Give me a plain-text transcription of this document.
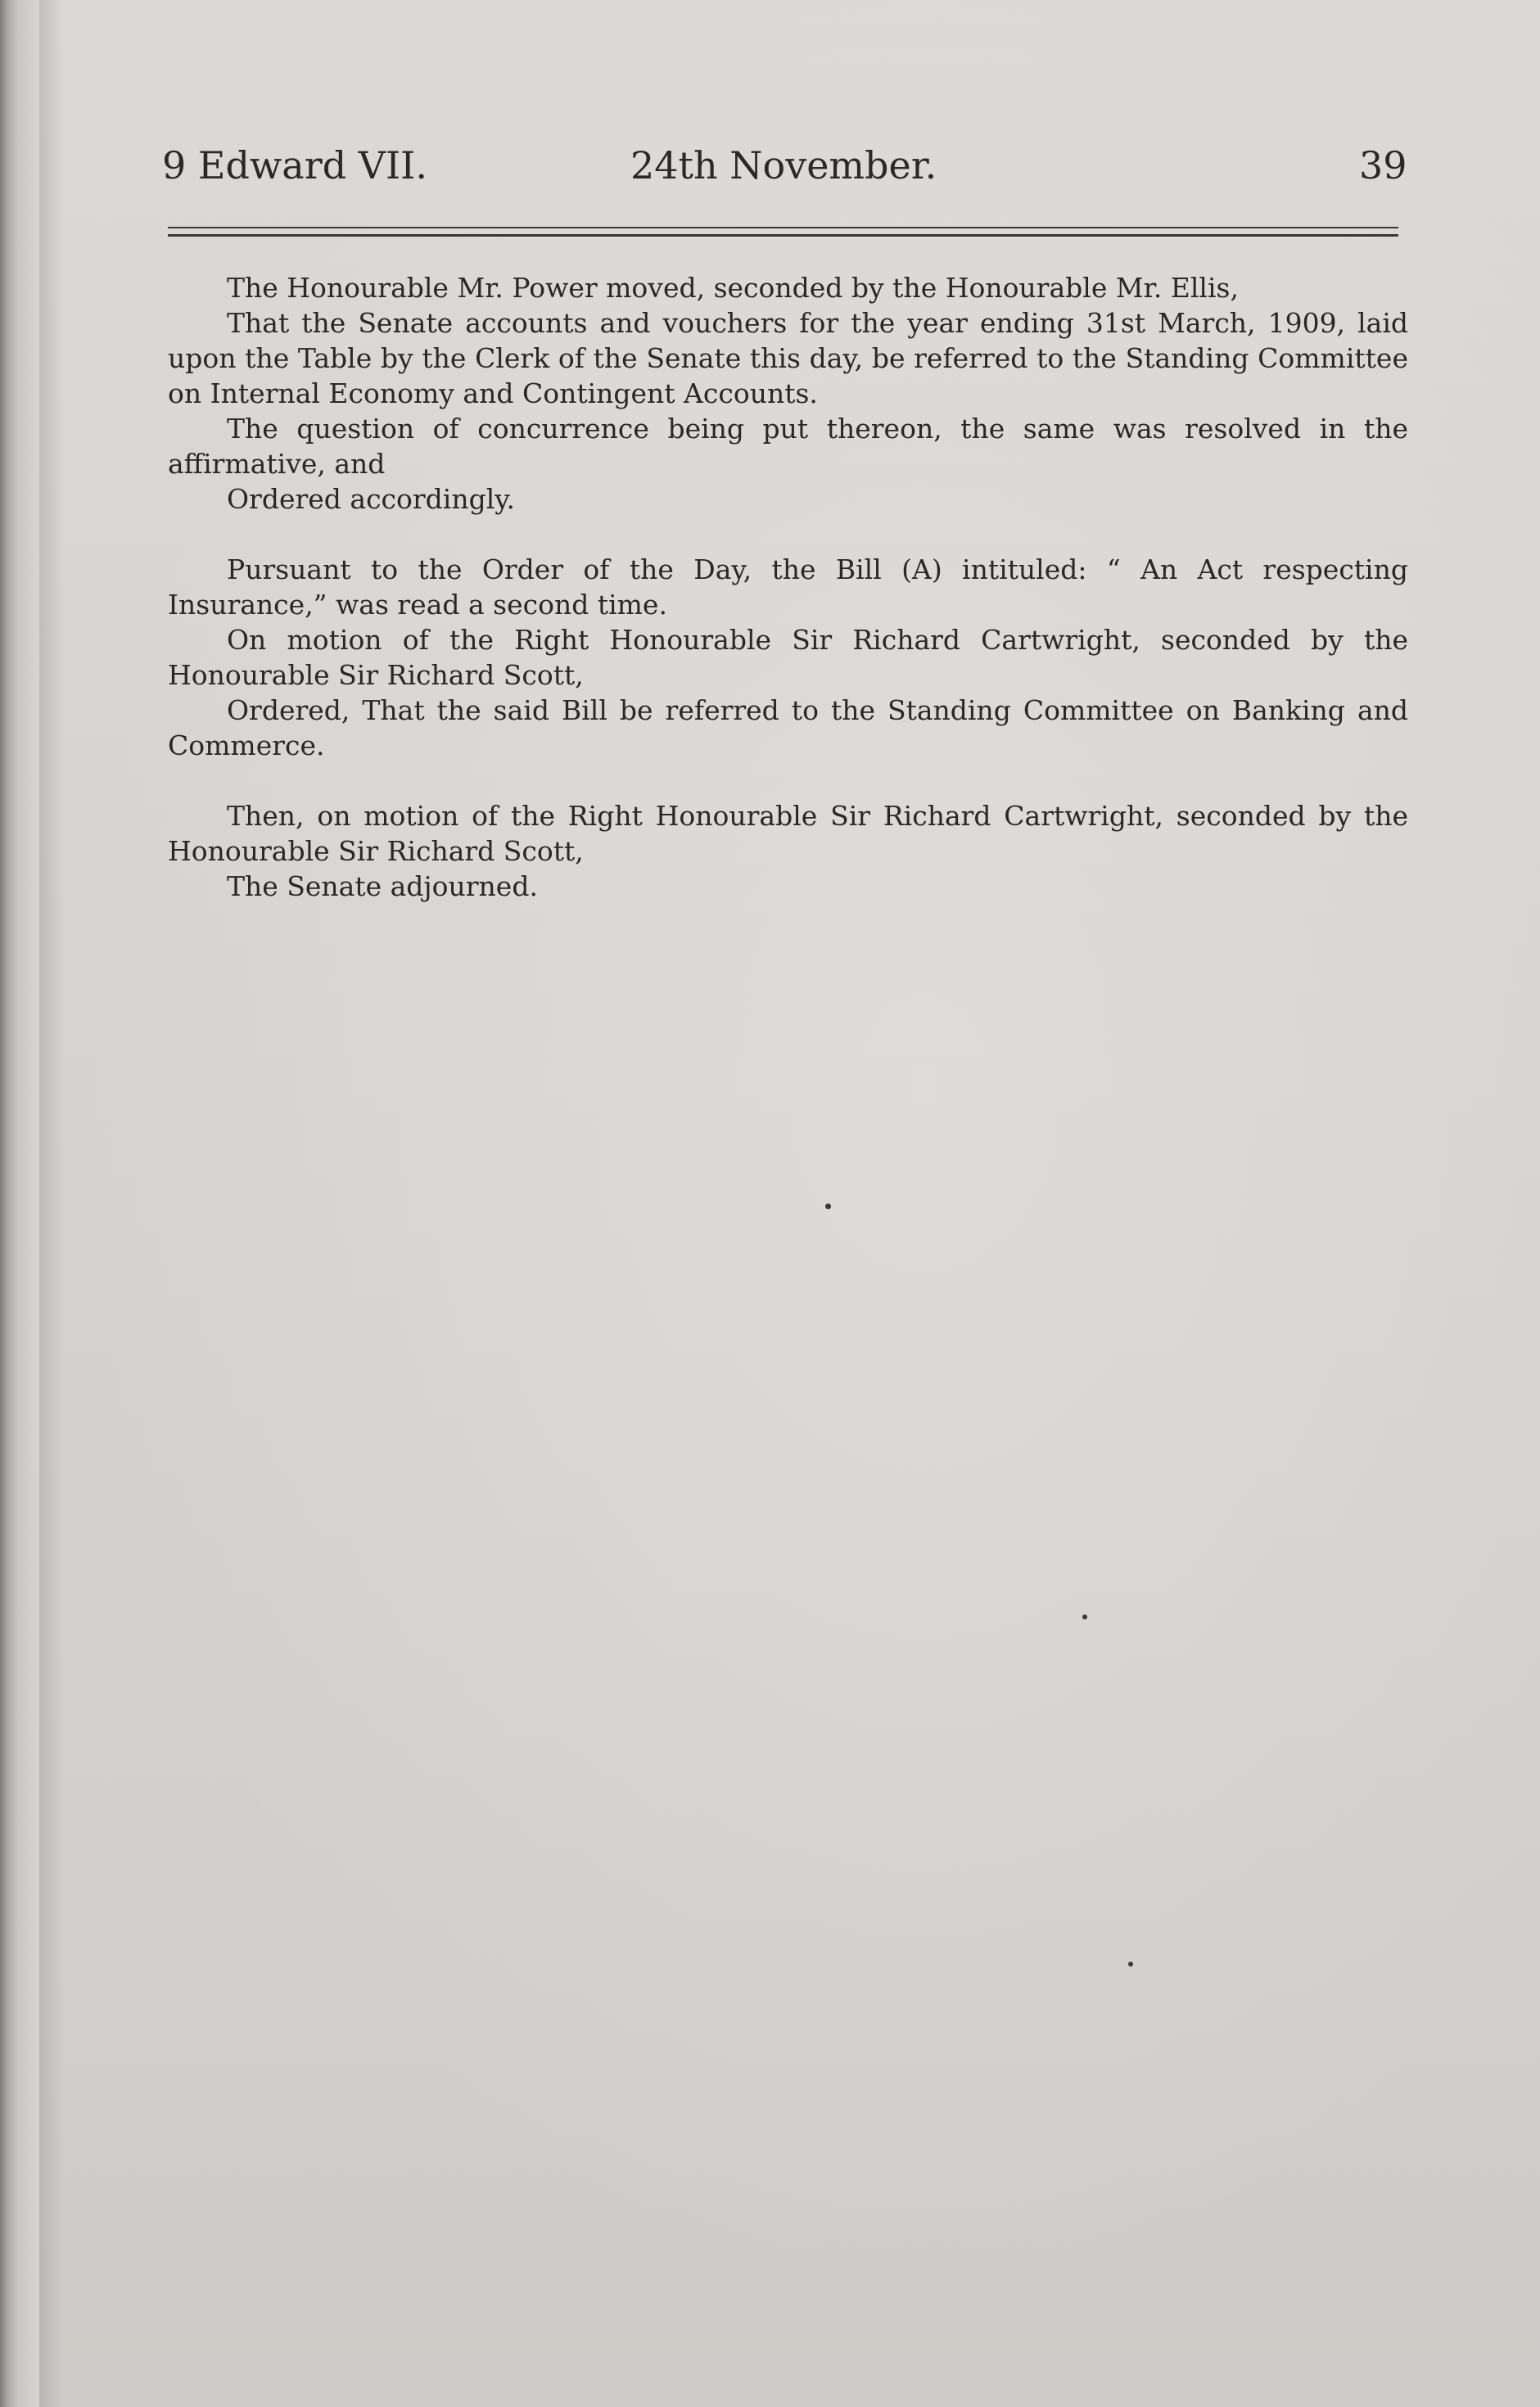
9 Edward VII.	24th November.	39

The Honourable Mr. Power moved, seconded by the Honourable Mr. Ellis,

That the Senate accounts and vouchers for the year ending 31st March, 1909, laid upon the Table by the Clerk of the Senate this day, be referred to the Standing Committee on Internal Economy and Contingent Accounts.

The question of concurrence being put thereon, the same was resolved in the affirmative, and

Ordered accordingly.

Pursuant to the Order of the Day, the Bill (A) intituled: “ An Act respecting Insurance,” was read a second time.

On motion of the Right Honourable Sir Richard Cartwright, seconded by the Honourable Sir Richard Scott,

Ordered, That the said Bill be referred to the Standing Committee on Banking and Commerce.

Then, on motion of the Right Honourable Sir Richard Cartwright, seconded by the Honourable Sir Richard Scott,

The Senate adjourned.
